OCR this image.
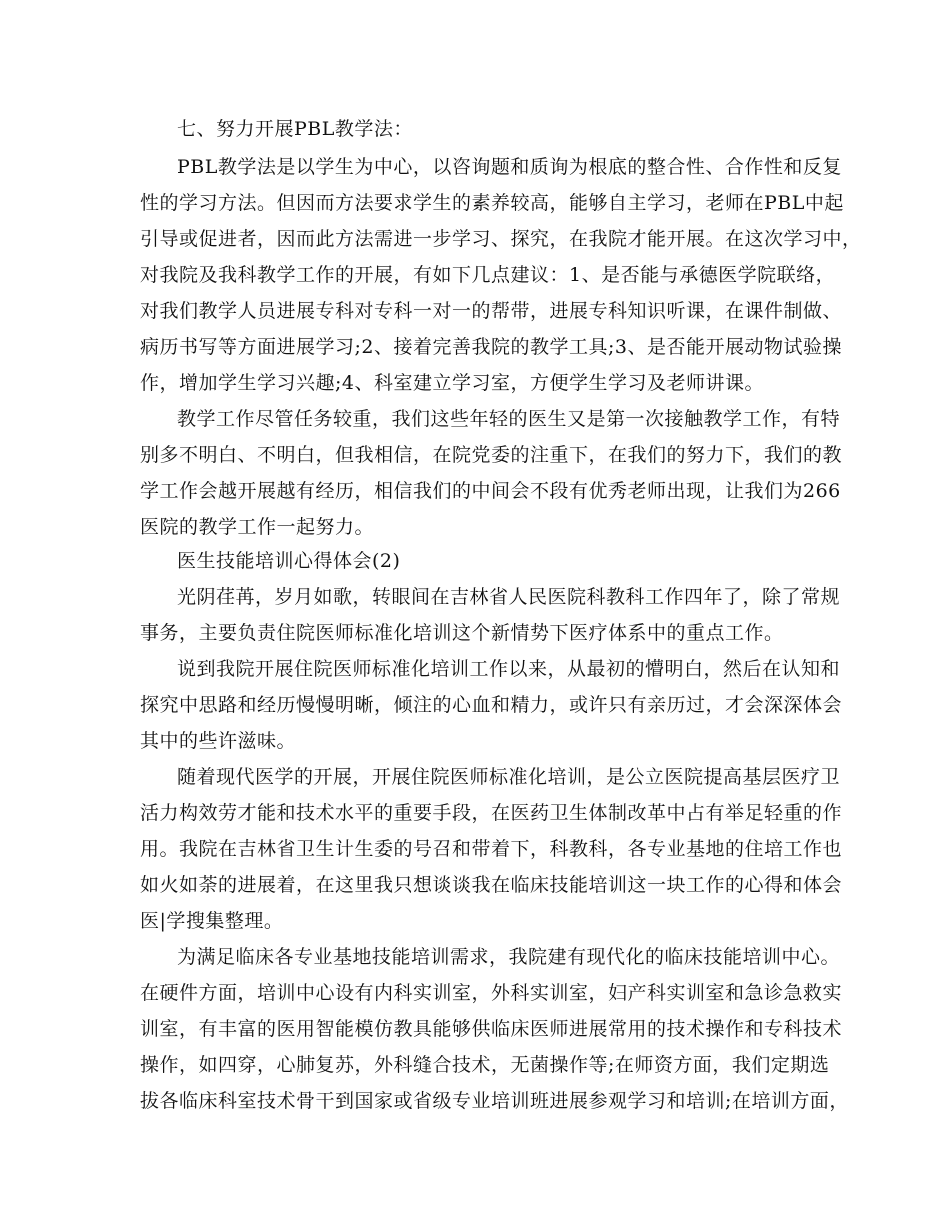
七、努力开展PBL教学法：
PBL教学法是以学生为中心，以咨询题和质询为根底的整合性、合作性和反复
性的学习方法。但因而方法要求学生的素养较高，能够自主学习，老师在PBL中起
引导或促进者，因而此方法需进一步学习、探究，在我院才能开展。在这次学习中，
对我院及我科教学工作的开展，有如下几点建议：1、是否能与承德医学院联络，
对我们教学人员进展专科对专科一对一的帮带，进展专科知识听课，在课件制做、
病历书写等方面进展学习;2、接着完善我院的教学工具;3、是否能开展动物试验操
作，增加学生学习兴趣;4、科室建立学习室，方便学生学习及老师讲课。
教学工作尽管任务较重，我们这些年轻的医生又是第一次接触教学工作，有特
别多不明白、不明白，但我相信，在院党委的注重下，在我们的努力下，我们的教
学工作会越开展越有经历，相信我们的中间会不段有优秀老师出现，让我们为266
医院的教学工作一起努力。
医生技能培训心得体会(2)
光阴荏苒，岁月如歌，转眼间在吉林省人民医院科教科工作四年了，除了常规
事务，主要负责住院医师标准化培训这个新情势下医疗体系中的重点工作。
说到我院开展住院医师标准化培训工作以来，从最初的懵明白，然后在认知和
探究中思路和经历慢慢明晰，倾注的心血和精力，或许只有亲历过，才会深深体会
其中的些许滋味。
随着现代医学的开展，开展住院医师标准化培训，是公立医院提高基层医疗卫
活力构效劳才能和技术水平的重要手段，在医药卫生体制改革中占有举足轻重的作
用。我院在吉林省卫生计生委的号召和带着下，科教科，各专业基地的住培工作也
如火如荼的进展着，在这里我只想谈谈我在临床技能培训这一块工作的心得和体会
医|学搜集整理。
为满足临床各专业基地技能培训需求，我院建有现代化的临床技能培训中心。
在硬件方面，培训中心设有内科实训室，外科实训室，妇产科实训室和急诊急救实
训室，有丰富的医用智能模仿教具能够供临床医师进展常用的技术操作和专科技术
操作，如四穿，心肺复苏，外科缝合技术，无菌操作等;在师资方面，我们定期选
拔各临床科室技术骨干到国家或省级专业培训班进展参观学习和培训;在培训方面，
